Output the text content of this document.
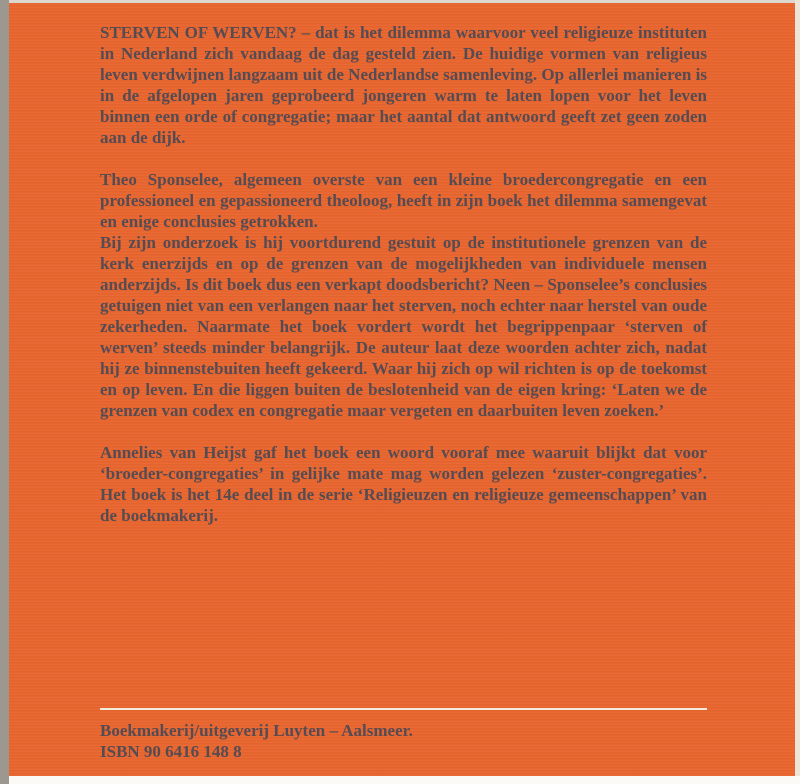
STERVEN OF WERVEN? – dat is het dilemma waarvoor veel religieuze instituten in Nederland zich vandaag de dag gesteld zien. De huidige vormen van religieus leven verdwijnen langzaam uit de Nederlandse samenleving. Op allerlei manieren is in de afgelopen jaren geprobeerd jongeren warm te laten lopen voor het leven binnen een orde of congregatie; maar het aantal dat antwoord geeft zet geen zoden aan de dijk.

Theo Sponselee, algemeen overste van een kleine broedercongregatie en een professioneel en gepassioneerd theoloog, heeft in zijn boek het dilemma samengevat en enige conclusies getrokken.

Bij zijn onderzoek is hij voortdurend gestuit op de institutionele grenzen van de kerk enerzijds en op de grenzen van de mogelijkheden van individuele mensen anderzijds. Is dit boek dus een verkapt doodsbericht? Neen – Sponselee’s conclusies getuigen niet van een verlangen naar het sterven, noch echter naar herstel van oude zekerheden. Naarmate het boek vordert wordt het begrippenpaar ‘sterven of werven’ steeds minder belangrijk. De auteur laat deze woorden achter zich, nadat hij ze binnenstebuiten heeft gekeerd. Waar hij zich op wil richten is op de toekomst en op leven. En die liggen buiten de beslotenheid van de eigen kring: ‘Laten we de grenzen van codex en congregatie maar vergeten en daarbuiten leven zoeken.’

Annelies van Heijst gaf het boek een woord vooraf mee waaruit blijkt dat voor ‘broeder-congregaties’ in gelijke mate mag worden gelezen ‘zuster-congregaties’. Het boek is het 14e deel in de serie ‘Religieuzen en religieuze gemeenschappen’ van de boekmakerij.

Boekmakerij/uitgeverij Luyten – Aalsmeer.
ISBN 90 6416 148 8
